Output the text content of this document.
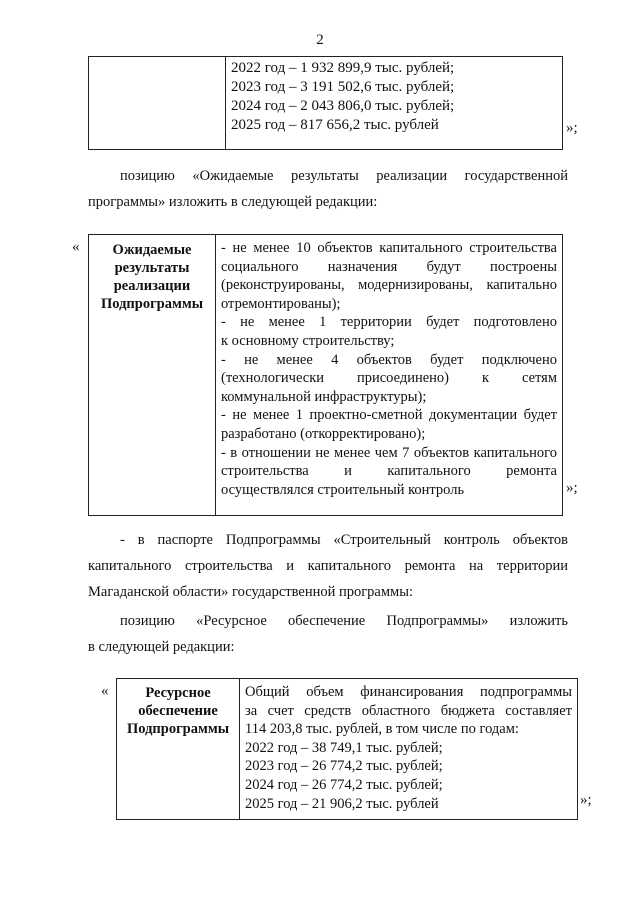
2

2022 год – 1 932 899,9 тыс. рублей;
2023 год – 3 191 502,6 тыс. рублей;
2024 год – 2 043 806,0 тыс. рублей;
2025 год – 817 656,2 тыс. рублей	»;
позицию «Ожидаемые результаты реализации государственной
программы» изложить в следующей редакции:
«	Ожидаемые
результаты
реализации
Подпрограммы

- не менее 10 объектов капитального строительства
социального назначения будут построены
(реконструированы, модернизированы, капитально
отремонтированы);
- не менее 1 территории будет подготовлено
к основному строительству;
- не менее 4 объектов будет подключено
(технологически присоединено) к сетям
коммунальной инфраструктуры);
- не менее 1 проектно-сметной документации будет
разработано (откорректировано);
- в отношении не менее чем 7 объектов капитального
строительства и капитального ремонта
осуществлялся строительный контроль	»;
- в паспорте Подпрограммы «Строительный контроль объектов
капитального строительства и капитального ремонта на территории
Магаданской области» государственной программы:
позицию «Ресурсное обеспечение Подпрограммы» изложить
в следующей редакции:
«	Ресурсное
обеспечение
Подпрограммы

Общий объем финансирования подпрограммы
за счет средств областного бюджета составляет
114 203,8 тыс. рублей, в том числе по годам:
2022 год – 38 749,1 тыс. рублей;
2023 год – 26 774,2 тыс. рублей;
2024 год – 26 774,2 тыс. рублей;
2025 год – 21 906,2 тыс. рублей	»;
